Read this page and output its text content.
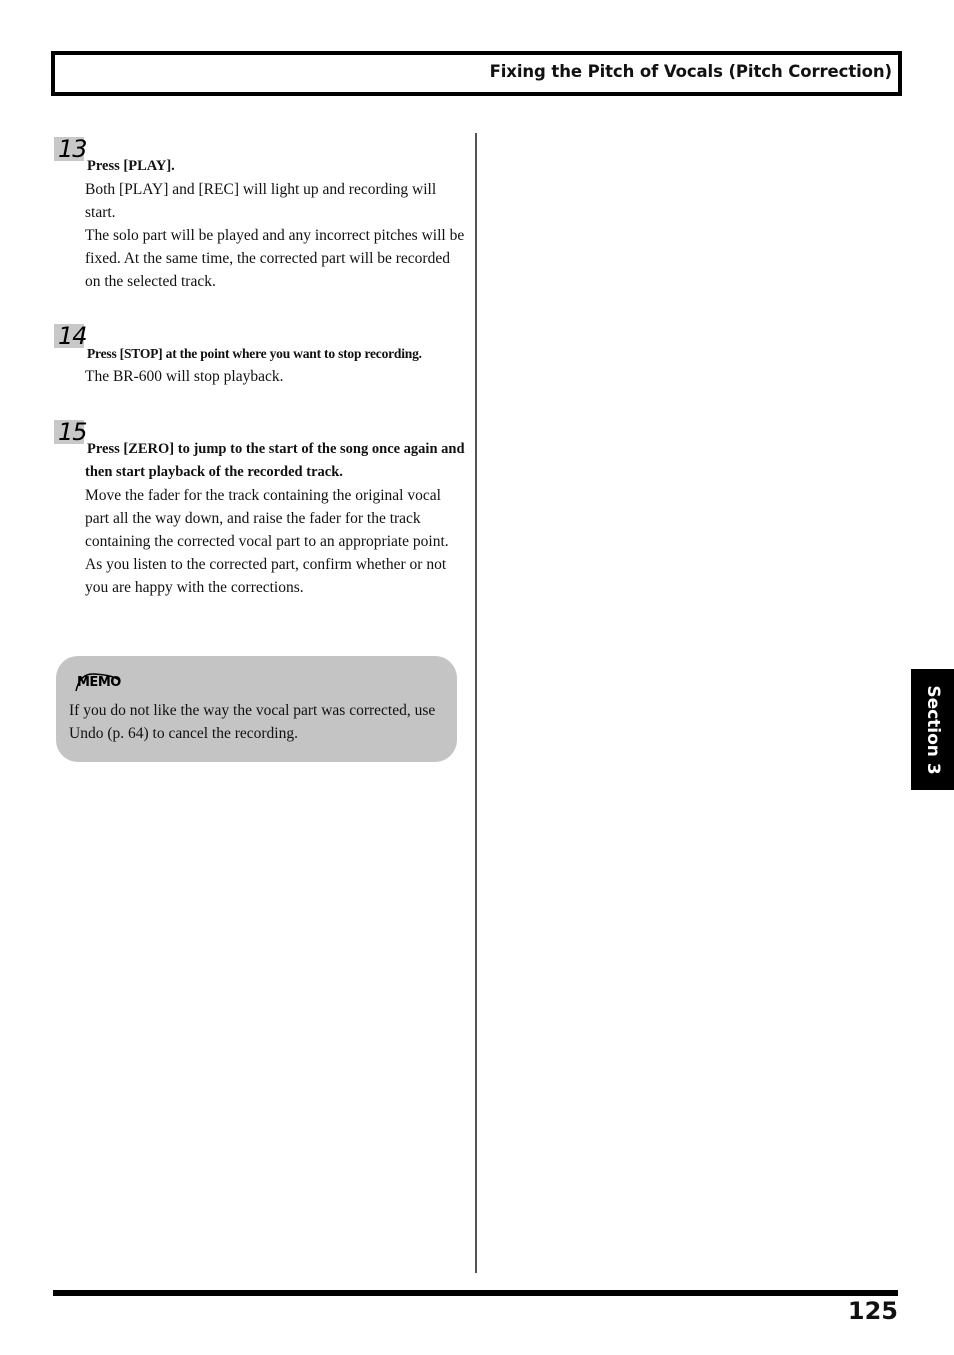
Fixing the Pitch of Vocals (Pitch Correction)
13
Press [PLAY].

Both [PLAY] and [REC] will light up and recording will start.

The solo part will be played and any incorrect pitches will be fixed. At the same time, the corrected part will be recorded on the selected track.

14
Press [STOP] at the point where you want to stop recording.

The BR-600 will stop playback.

15
Press [ZERO] to jump to the start of the song once again and then start playback of the recorded track.

Move the fader for the track containing the original vocal part all the way down, and raise the fader for the track containing the corrected vocal part to an appropriate point. As you listen to the corrected part, confirm whether or not you are happy with the corrections.

MEMO
If you do not like the way the vocal part was corrected, use Undo (p. 64) to cancel the recording.	Section 3
125
